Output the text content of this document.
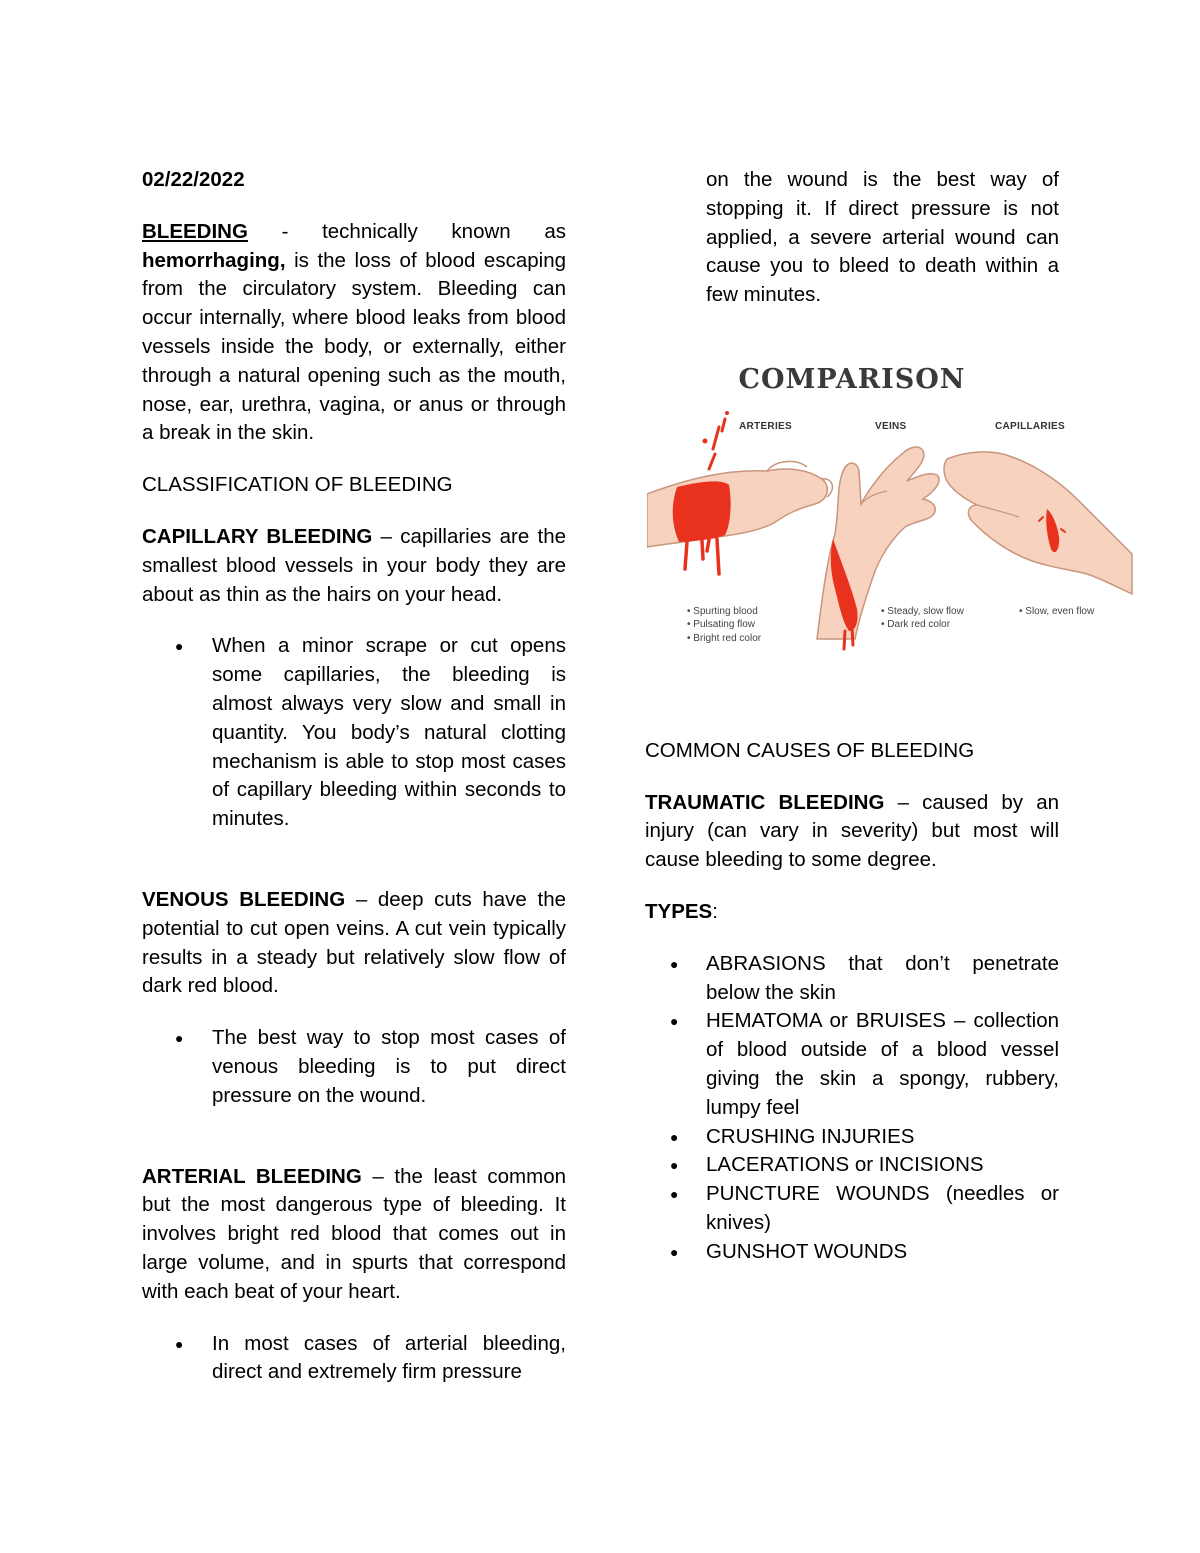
02/22/2022

BLEEDING - technically known as hemorrhaging, is the loss of blood escaping from the circulatory system. Bleeding can occur internally, where blood leaks from blood vessels inside the body, or externally, either through a natural opening such as the mouth, nose, ear, urethra, vagina, or anus or through a break in the skin.

CLASSIFICATION OF BLEEDING

CAPILLARY BLEEDING – capillaries are the smallest blood vessels in your body they are about as thin as the hairs on your head.

● When a minor scrape or cut opens some capillaries, the bleeding is almost always very slow and small in quantity. You body’s natural clotting mechanism is able to stop most cases of capillary bleeding within seconds to minutes.

VENOUS BLEEDING – deep cuts have the potential to cut open veins. A cut vein typically results in a steady but relatively slow flow of dark red blood.

● The best way to stop most cases of venous bleeding is to put direct pressure on the wound.

ARTERIAL BLEEDING – the least common but the most dangerous type of bleeding. It involves bright red blood that comes out in large volume, and in spurts that correspond with each beat of your heart.

● In most cases of arterial bleeding, direct and extremely firm pressure

on the wound is the best way of stopping it. If direct pressure is not applied, a severe arterial wound can cause you to bleed to death within a few minutes.

COMPARISON
ARTERIES	VEINS	CAPILLARIES
• Spurting blood
• Pulsating flow
• Bright red color
• Steady, slow flow
• Dark red color
• Slow, even flow

COMMON CAUSES OF BLEEDING

TRAUMATIC BLEEDING – caused by an injury (can vary in severity) but most will cause bleeding to some degree.

TYPES:

● ABRASIONS that don’t penetrate below the skin
● HEMATOMA or BRUISES – collection of blood outside of a blood vessel giving the skin a spongy, rubbery, lumpy feel
● CRUSHING INJURIES
● LACERATIONS or INCISIONS
● PUNCTURE WOUNDS (needles or knives)
● GUNSHOT WOUNDS
